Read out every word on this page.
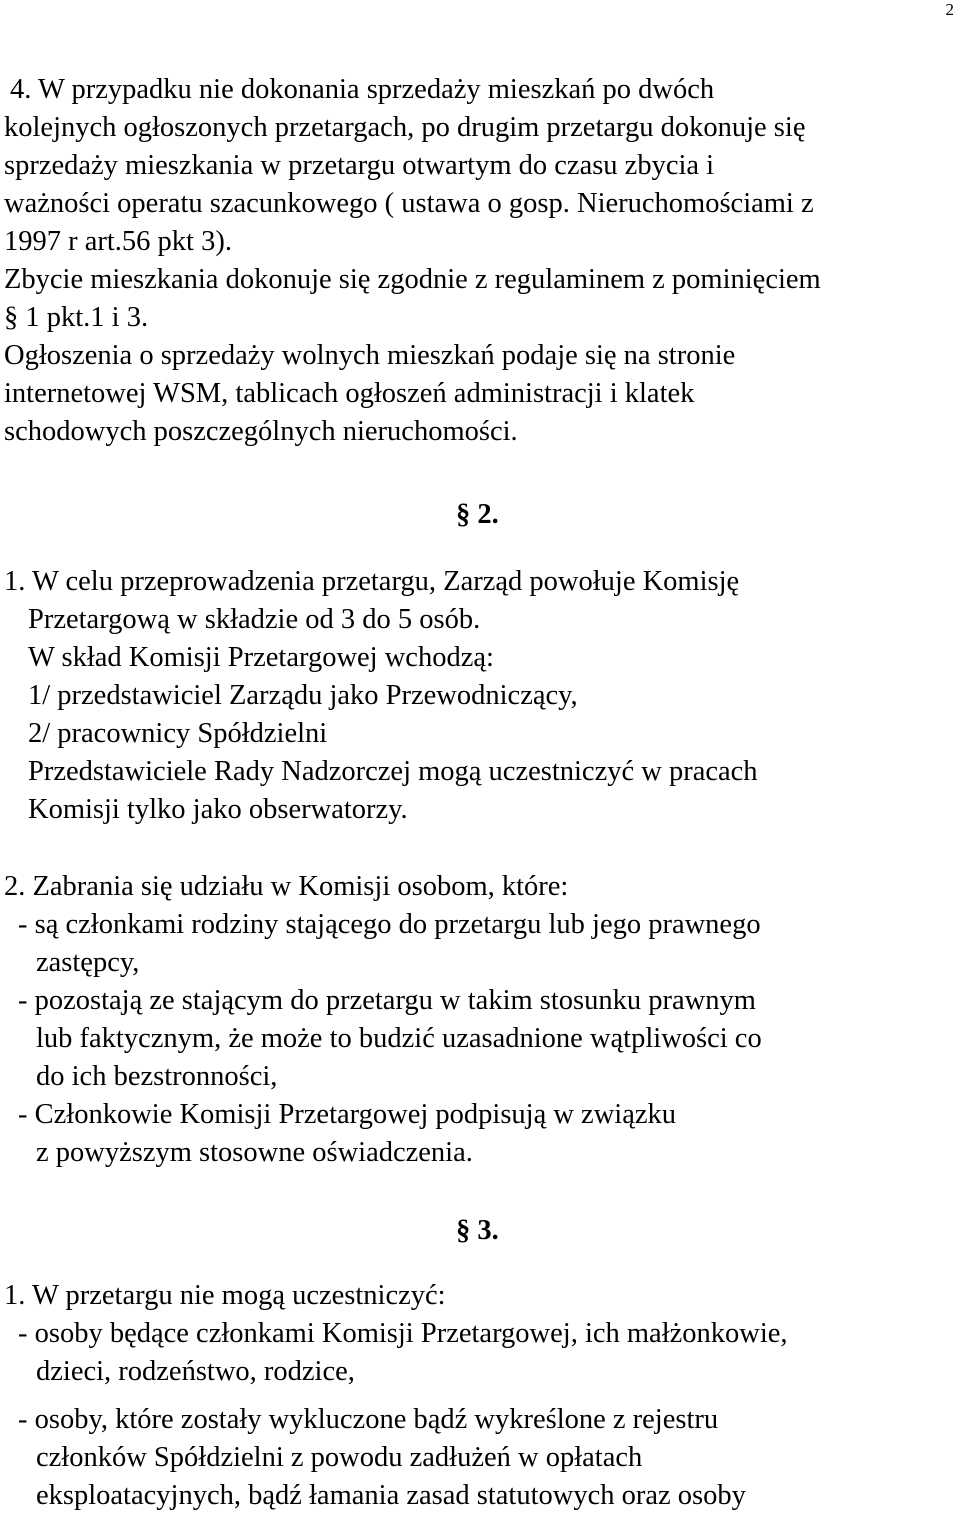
2
4. W przypadku nie dokonania sprzedaży mieszkań po dwóch
kolejnych ogłoszonych przetargach, po drugim przetargu dokonuje się
sprzedaży mieszkania w przetargu otwartym do czasu zbycia i
ważności operatu szacunkowego ( ustawa o gosp. Nieruchomościami z
1997 r art.56 pkt 3).
Zbycie mieszkania dokonuje się zgodnie z regulaminem z pominięciem
§ 1 pkt.1 i 3.
Ogłoszenia o sprzedaży wolnych mieszkań podaje się na stronie
internetowej WSM, tablicach ogłoszeń administracji i klatek
schodowych poszczególnych nieruchomości.
§ 2.
1. W celu przeprowadzenia przetargu, Zarząd powołuje Komisję
Przetargową w składzie od 3 do 5 osób.
W skład Komisji Przetargowej wchodzą:
1/ przedstawiciel Zarządu jako Przewodniczący,
2/ pracownicy Spółdzielni
Przedstawiciele Rady Nadzorczej mogą uczestniczyć w pracach
Komisji tylko jako obserwatorzy.
2. Zabrania się udziału w Komisji osobom, które:
- są członkami rodziny stającego do przetargu lub jego prawnego
zastępcy,
- pozostają ze stającym do przetargu w takim stosunku prawnym
lub faktycznym, że może to budzić uzasadnione wątpliwości co
do ich bezstronności,
- Członkowie Komisji Przetargowej podpisują w związku
z powyższym stosowne oświadczenia.
§ 3.
1. W przetargu nie mogą uczestniczyć:
- osoby będące członkami Komisji Przetargowej, ich małżonkowie,
dzieci, rodzeństwo, rodzice,
- osoby, które zostały wykluczone bądź wykreślone z rejestru
członków Spółdzielni z powodu zadłużeń w opłatach
eksploatacyjnych, bądź łamania zasad statutowych oraz osoby
